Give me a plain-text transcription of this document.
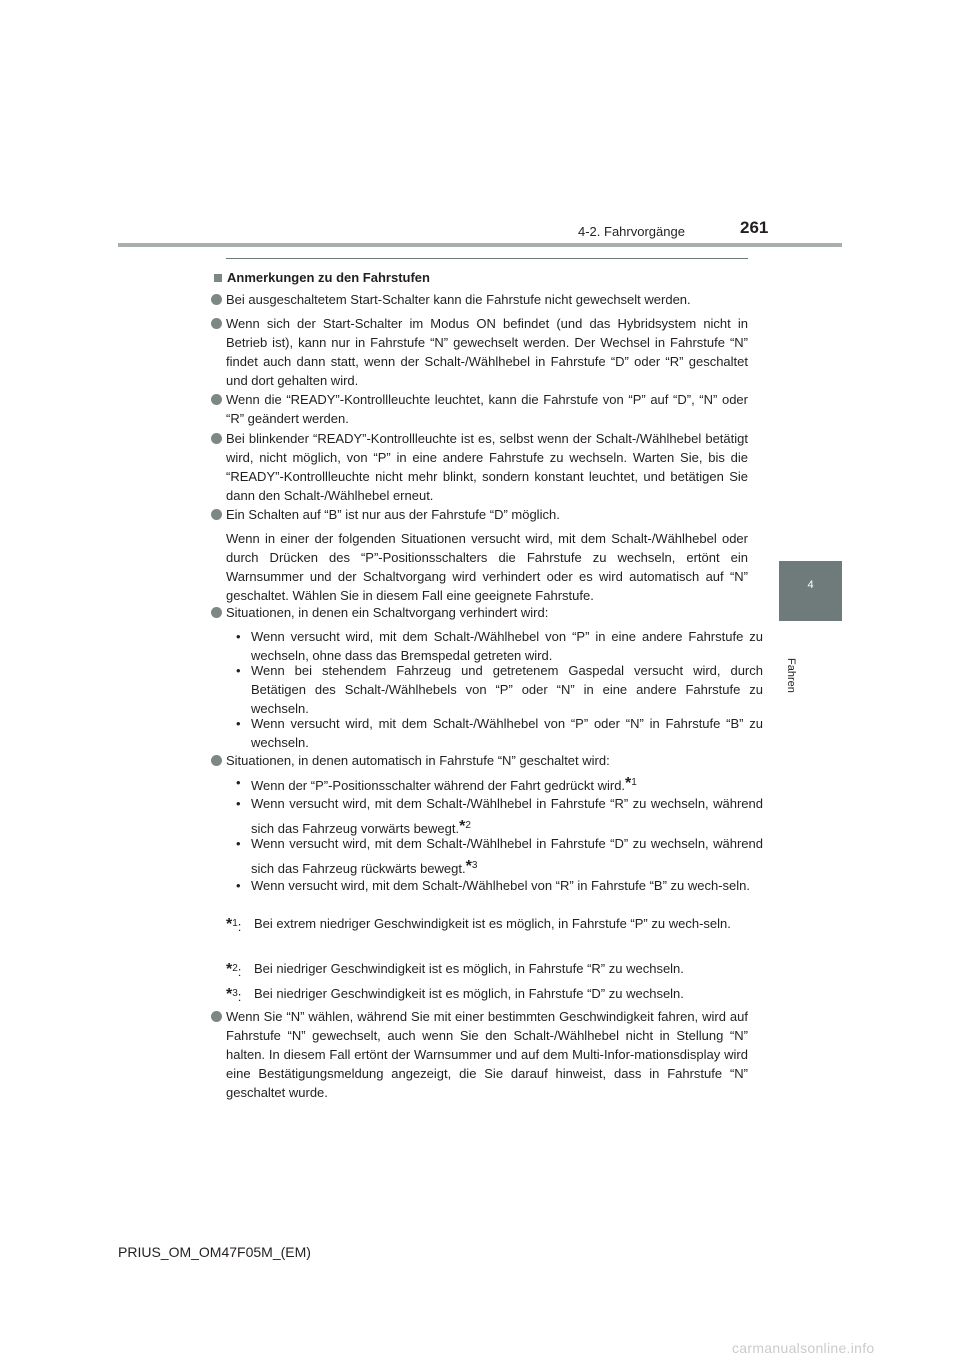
4-2. Fahrvorgänge	261
4
Fahren
Anmerkungen zu den Fahrstufen
Bei ausgeschaltetem Start-Schalter kann die Fahrstufe nicht gewechselt werden.
Wenn sich der Start-Schalter im Modus ON befindet (und das Hybridsystem nicht in Betrieb ist), kann nur in Fahrstufe “N” gewechselt werden. Der Wechsel in Fahrstufe “N” findet auch dann statt, wenn der Schalt-/Wählhebel in Fahrstufe “D” oder “R” geschaltet und dort gehalten wird.
Wenn die “READY”-Kontrollleuchte leuchtet, kann die Fahrstufe von “P” auf “D”, “N” oder “R” geändert werden.
Bei blinkender “READY”-Kontrollleuchte ist es, selbst wenn der Schalt-/Wählhebel betätigt wird, nicht möglich, von “P” in eine andere Fahrstufe zu wechseln. Warten Sie, bis die “READY”-Kontrollleuchte nicht mehr blinkt, sondern konstant leuchtet, und betätigen Sie dann den Schalt-/Wählhebel erneut.
Ein Schalten auf “B” ist nur aus der Fahrstufe “D” möglich.
Wenn in einer der folgenden Situationen versucht wird, mit dem Schalt-/Wählhebel oder durch Drücken des “P”-Positionsschalters die Fahrstufe zu wechseln, ertönt ein Warnsummer und der Schaltvorgang wird verhindert oder es wird automatisch auf “N” geschaltet. Wählen Sie in diesem Fall eine geeignete Fahrstufe.
Situationen, in denen ein Schaltvorgang verhindert wird:
• Wenn versucht wird, mit dem Schalt-/Wählhebel von “P” in eine andere Fahrstufe zu wechseln, ohne dass das Bremspedal getreten wird.
• Wenn bei stehendem Fahrzeug und getretenem Gaspedal versucht wird, durch Betätigen des Schalt-/Wählhebels von “P” oder “N” in eine andere Fahrstufe zu wechseln.
• Wenn versucht wird, mit dem Schalt-/Wählhebel von “P” oder “N” in Fahrstufe “B” zu wechseln.
Situationen, in denen automatisch in Fahrstufe “N” geschaltet wird:
• Wenn der “P”-Positionsschalter während der Fahrt gedrückt wird.*$^1$
• Wenn versucht wird, mit dem Schalt-/Wählhebel in Fahrstufe “R” zu wechseln, während sich das Fahrzeug vorwärts bewegt.*$^2$
• Wenn versucht wird, mit dem Schalt-/Wählhebel in Fahrstufe “D” zu wechseln, während sich das Fahrzeug rückwärts bewegt.*$^3$
• Wenn versucht wird, mit dem Schalt-/Wählhebel von “R” in Fahrstufe “B” zu wech-seln.
*$^1$: Bei extrem niedriger Geschwindigkeit ist es möglich, in Fahrstufe “P” zu wech-seln.
*$^2$: Bei niedriger Geschwindigkeit ist es möglich, in Fahrstufe “R” zu wechseln.
*$^3$: Bei niedriger Geschwindigkeit ist es möglich, in Fahrstufe “D” zu wechseln.
Wenn Sie “N” wählen, während Sie mit einer bestimmten Geschwindigkeit fahren, wird auf Fahrstufe “N” gewechselt, auch wenn Sie den Schalt-/Wählhebel nicht in Stellung “N” halten. In diesem Fall ertönt der Warnsummer und auf dem Multi-Infor-mationsdisplay wird eine Bestätigungsmeldung angezeigt, die Sie darauf hinweist, dass in Fahrstufe “N” geschaltet wurde.
PRIUS_OM_OM47F05M_(EM)
carmanualsonline.info
